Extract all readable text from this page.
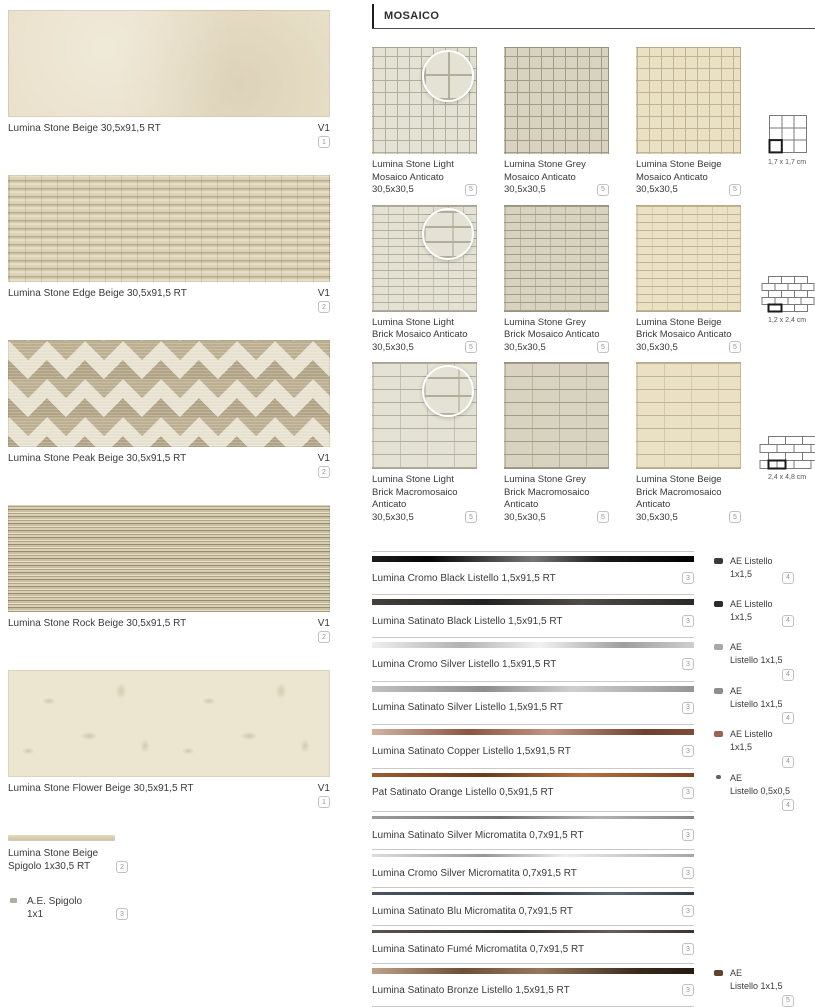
Lumina Stone Beige 30,5x91,5 RT	V1
1
Lumina Stone Edge Beige 30,5x91,5 RT	V1
2
Lumina Stone Peak Beige 30,5x91,5 RT	V1
2
Lumina Stone Rock Beige 30,5x91,5 RT	V1
2
Lumina Stone Flower Beige 30,5x91,5 RT	V1
1
Lumina Stone Beige
Spigolo 1x30,5 RT	2
A.E. Spigolo
1x1	3
MOSAICO
Lumina Stone Light
Mosaico Anticato
30,5x30,5	5
Lumina Stone Grey
Mosaico Anticato
30,5x30,5	5
Lumina Stone Beige
Mosaico Anticato
30,5x30,5	5
1,7 x 1,7 cm
Lumina Stone Light
Brick Mosaico Anticato
30,5x30,5	5
Lumina Stone Grey
Brick Mosaico Anticato
30,5x30,5	5
Lumina Stone Beige
Brick Mosaico Anticato
30,5x30,5	5
1,2 x 2,4 cm
Lumina Stone Light
Brick Macromosaico Anticato
30,5x30,5	5
Lumina Stone Grey
Brick Macromosaico Anticato
30,5x30,5	5
Lumina Stone Beige
Brick Macromosaico Anticato
30,5x30,5	5
2,4 x 4,8 cm
Lumina Cromo Black Listello 1,5x91,5 RT	3
AE Listello
1x1,5	4
Lumina Satinato Black Listello 1,5x91,5 RT	3
AE Listello
1x1,5	4
Lumina Cromo Silver Listello 1,5x91,5 RT	3
AE
Listello 1x1,5
4
Lumina Satinato Silver Listello 1,5x91,5 RT	3
AE
Listello 1x1,5
4
Lumina Satinato Copper Listello 1,5x91,5 RT	3
AE Listello
1x1,5
4
Pat Satinato Orange Listello 0,5x91,5 RT	3
AE
Listello 0,5x0,5
4
Lumina Satinato Silver Micromatita 0,7x91,5 RT	3
Lumina Cromo Silver Micromatita 0,7x91,5 RT	3
Lumina Satinato Blu Micromatita 0,7x91,5 RT	3
Lumina Satinato Fumé Micromatita 0,7x91,5 RT	3
Lumina Satinato Bronze Listello 1,5x91,5 RT	3
AE
Listello 1x1,5
5
